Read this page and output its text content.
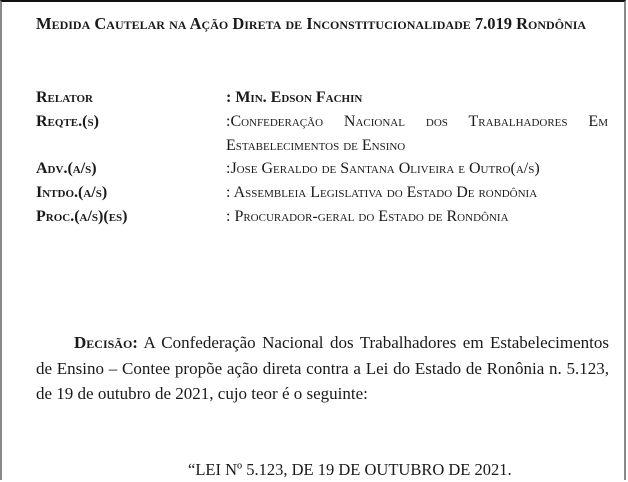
Medida Cautelar na Ação Direta de Inconstitucionalidade 7.019 Rondônia
Relator	: Min. Edson Fachin
Reqte.(s)	:Confederação Nacional dos Trabalhadores Em Estabelecimentos de Ensino
Adv.(a/s)	:Jose Geraldo de Santana Oliveira e Outro(a/s)
Intdo.(a/s)	: Assembleia Legislativa do Estado De rondônia
Proc.(a/s)(es)	: Procurador-geral do Estado de Rondônia
Decisão: A Confederação Nacional dos Trabalhadores em Estabelecimentos de Ensino – Contee propõe ação direta contra a Lei do Estado de Ronônia n. 5.123, de 19 de outubro de 2021, cujo teor é o seguinte:
“LEI Nº 5.123, DE 19 DE OUTUBRO DE 2021.
